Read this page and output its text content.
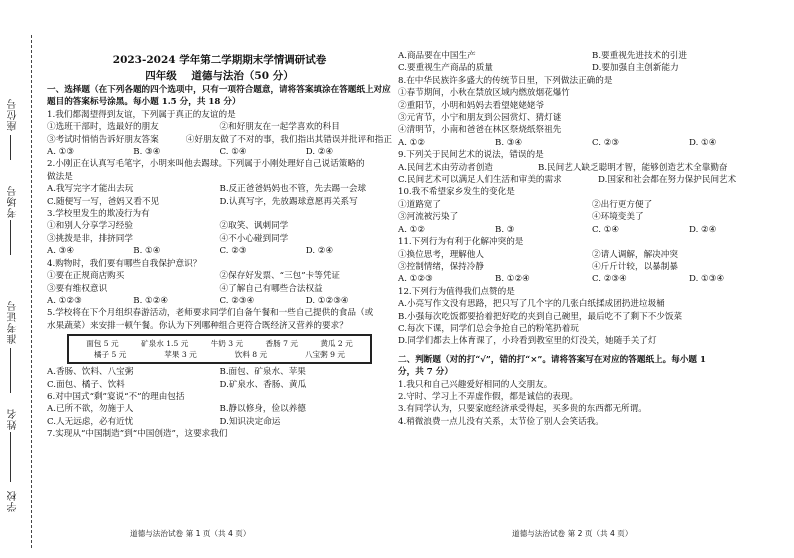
座位号
考场号
准考证号
姓名
学校
2023-2024 学年第二学期期末学情调研试卷
四年级 道德与法治（50 分）
一、选择题（在下列各题的四个选项中，只有一项符合题意，请将答案填涂在答题纸上对应
题目的答案标号涂黑。每小题 1.5 分，共 18 分）
1.我们都渴望得到友谊，下列属于真正的友谊的是
①选班干部时，选最好的朋友	②和好朋友在一起学喜欢的科目
③考试时悄悄告诉好朋友答案	④好朋友做了不对的事，我们指出其错误并批评和指正
A. ①③	B. ③④	C. ①④	D. ②④
2.小刚正在认真写毛笔字，小明来叫他去踢球。下列属于小刚处理好自己说话策略的
做法是
A.我写完字才能出去玩	B.反正爸爸妈妈也不管，先去踢一会球
C.随便写一写，爸妈又看不见	D.认真写字，先放踢球意愿再关系写
3.学校里发生的欺凌行为有
①和别人分享学习经验	②取笑、讽刺同学
③挑拨是非，排挤同学	④不小心碰到同学
A. ③④	B. ①④	C. ②③	D. ②④
4.购物时，我们要有哪些自我保护意识？
①要在正规商店购买	②保存好发票、“三包”卡等凭证
③要有维权意识	④了解自己有哪些合法权益
A. ①②③	B. ①②④	C. ②③④	D. ①②③④
5.学校将在下个月组织春游活动，老师要求同学们自备午餐和一些自己提供的食品（或
水果蔬菜）来安排一顿午餐。你认为下列哪种组合更符合既经济又营养的要求？
面包 5 元	矿泉水 1.5 元	牛奶 3 元	香肠 7 元	黄瓜 2 元
橘子 5 元	苹果 3 元	饮料 8 元	八宝粥 9 元
A.香肠、饮料、八宝粥	B.面包、矿泉水、苹果
C.面包、橘子、饮料	D.矿泉水、香肠、黄瓜
6.对中国式“剩”宴说“不”的理由包括
A.已所不欲，勿施于人	B.静以修身，俭以养德
C.人无远虑，必有近忧	D.知识决定命运
7.实现从“中国制造”到“中国创造”，这要求我们
A.商品要在中国生产	B.要重视先进技术的引进
C.要重视生产商品的质量	D.要加强自主创新能力
8.在中华民族许多盛大的传统节日里，下列做法正确的是
①春节期间，小秋在禁放区域内燃放烟花爆竹
②重阳节，小明和妈妈去看望姥姥姥爷
③元宵节，小宁和朋友到公园赏灯、猜灯谜
④清明节，小南和爸爸在林区祭烧纸祭祖先
A. ①②	B. ③④	C. ②③	D. ①④
9.下列关于民间艺术的说法，错误的是
A.民间艺术由劳动者创造	B.民间艺人缺乏聪明才智，能够创造艺术全靠勤奋
C.民间艺术可以满足人们生活和审美的需求	D.国家和社会都在努力保护民间艺术
10.我不希望家乡发生的变化是
①道路宽了	②出行更方便了
③河流被污染了	④环境变美了
A. ①②	B. ③	C. ①④	D. ②④
11.下列行为有利于化解冲突的是
①换位思考，理解他人	②请人调解，解决冲突
③控制情绪，保持冷静	④斤斤计较，以暴制暴
A. ①②③	B. ①②④	C. ②③④	D. ①③④
12.下列行为值得我们点赞的是
A.小亮写作文没有思路，把只写了几个字的几张白纸揉成团扔进垃圾桶
B.小强每次吃饭都要拾着把好吃的夹到自己碗里，最后吃不了剩下不少饭菜
C.每次下课，同学们总会争抢自己的粉笔扔着玩
D.同学们都去上体育课了，小玲看到教室里的灯没关，她随手关了灯
二、判断题（对的打“√”，错的打“×”。请将答案写在对应的答题纸上。每小题 1
分，共 7 分）
1.我只和自己兴趣爱好相同的人交朋友。
2.守时、学习上不弄虚作假，都是诚信的表现。
3.有同学认为，只要家庭经济承受得起，买多贵的东西都无所谓。
4.稍微浪费一点儿没有关系，太节俭了别人会笑话我。
道德与法治试卷 第 1 页（共 4 页）	道德与法治试卷 第 2 页（共 4 页）
